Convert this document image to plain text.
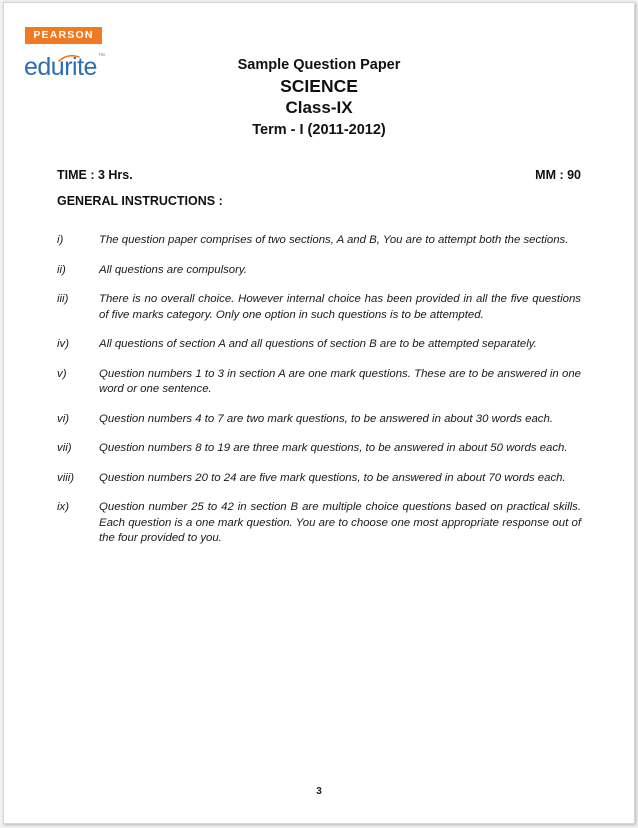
PEARSON
edurite™
Sample Question Paper
SCIENCE
Class-IX
Term - I (2011-2012)
TIME : 3 Hrs.	MM : 90
GENERAL INSTRUCTIONS :
i)	The question paper comprises of two sections, A and B, You are to attempt both the sections.
ii)	All questions are compulsory.
iii)	There is no overall choice. However internal choice has been provided in all the five questions of five marks category. Only one option in such questions is to be attempted.
iv)	All questions of section A and all questions of section B are to be attempted separately.
v)	Question numbers 1 to 3 in section A are one mark questions. These are to be answered in one word or one sentence.
vi)	Question numbers 4 to 7 are two mark questions, to be answered in about 30 words each.
vii) Question numbers 8 to 19 are three mark questions, to be answered in about 50 words each.
viii) Question numbers 20 to 24 are five mark questions, to be answered in about 70 words each.
ix)	Question number 25 to 42 in section B are multiple choice questions based on practical skills. Each question is a one mark question. You are to choose one most appropriate response out of the four provided to you.
3
